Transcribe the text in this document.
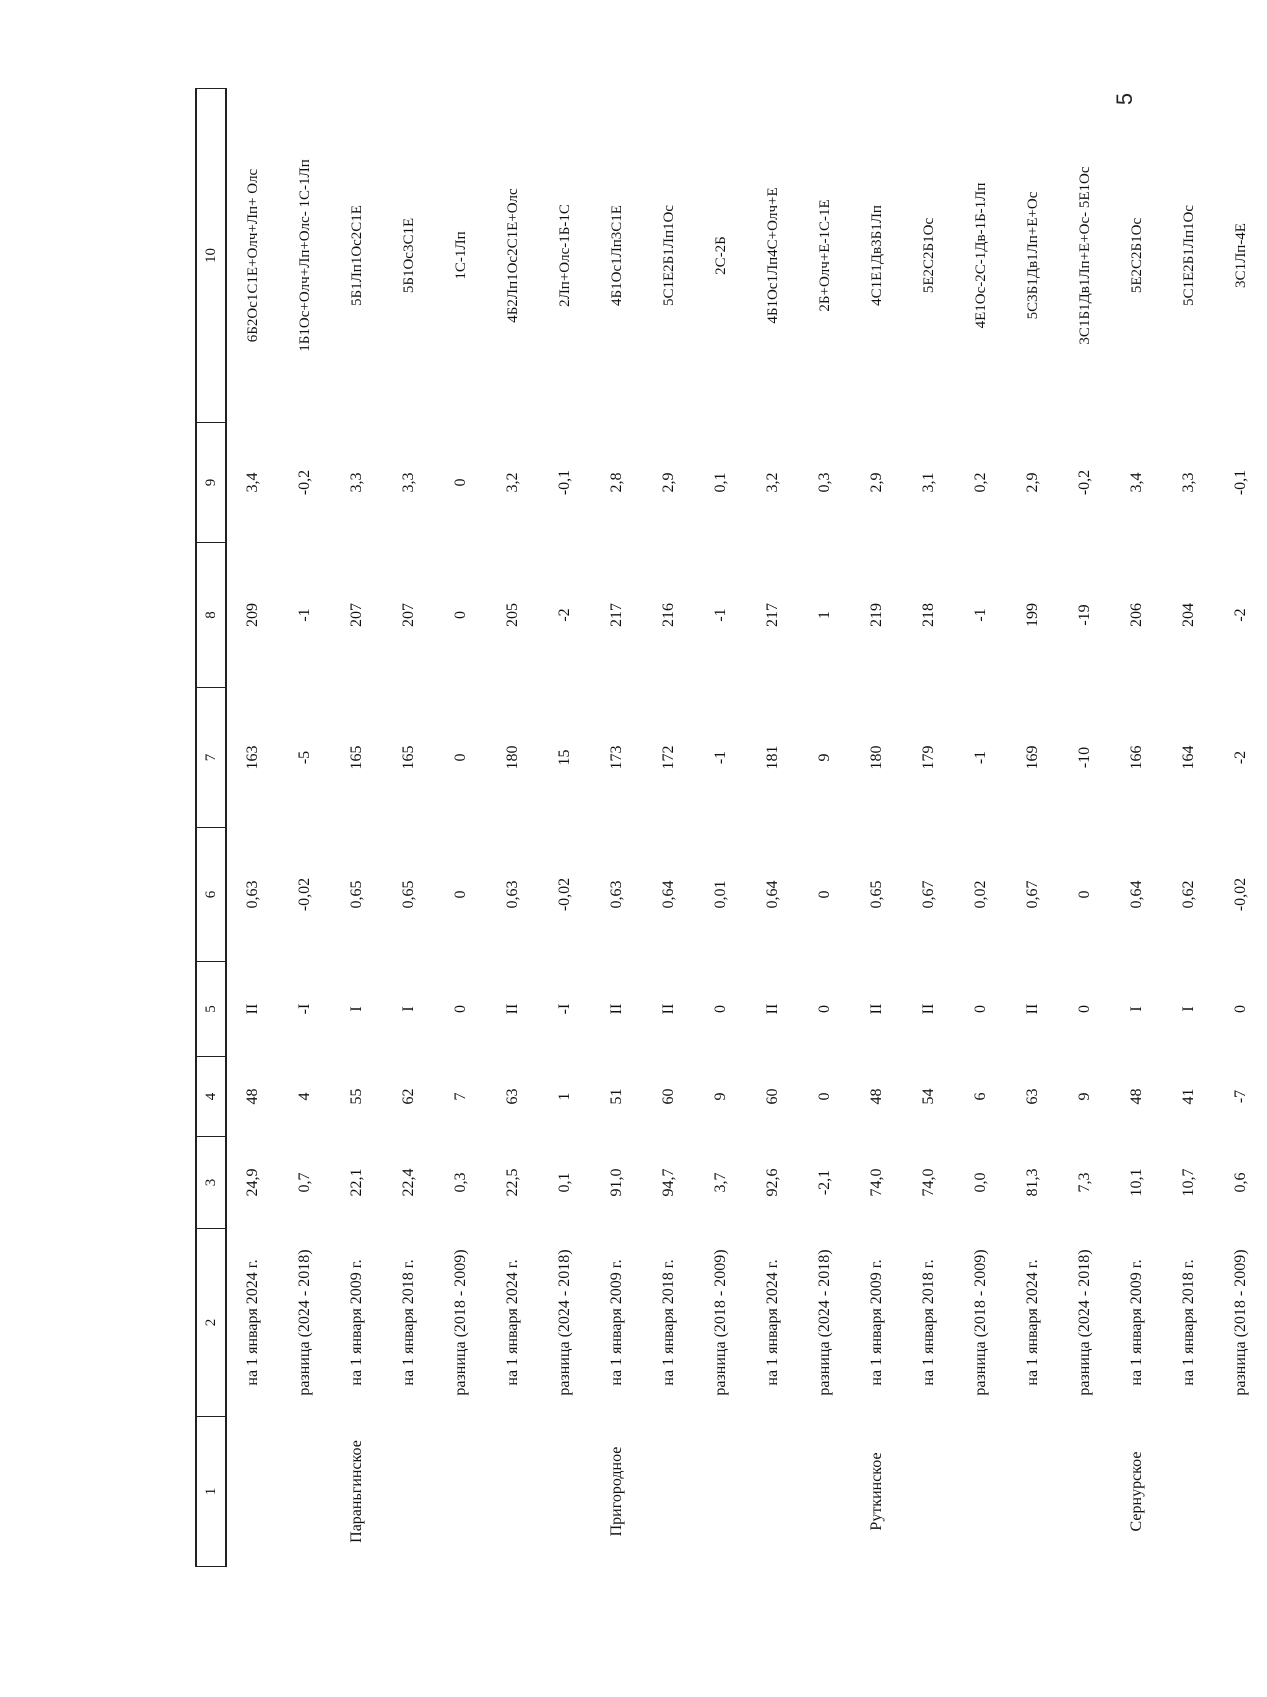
5
1	2	3	4	5	6	7	8	9	10
	на 1 января 2024 г.	24,9	48	II	0,63	163	209	3,4	6Б2Ос1С1Е+Олч+Лп+ Олс
	разница (2024 - 2018)	0,7	4	-I	-0,02	-5	-1	-0,2	1Б1Ос+Олч+Лп+Олс- 1С-1Лп
Параньгинское	на 1 января 2009 г.	22,1	55	I	0,65	165	207	3,3	5Б1Лп1Ос2С1Е
	на 1 января 2018 г.	22,4	62	I	0,65	165	207	3,3	5Б1Ос3С1Е
	разница (2018 - 2009)	0,3	7	0	0	0	0	0	1С-1Лп
	на 1 января 2024 г.	22,5	63	II	0,63	180	205	3,2	4Б2Лп1Ос2С1Е+Олс
	разница (2024 - 2018)	0,1	1	-I	-0,02	15	-2	-0,1	2Лп+Олс-1Б-1С
Пригородное	на 1 января 2009 г.	91,0	51	II	0,63	173	217	2,8	4Б1Ос1Лп3С1Е
	на 1 января 2018 г.	94,7	60	II	0,64	172	216	2,9	5С1Е2Б1Лп1Ос
	разница (2018 - 2009)	3,7	9	0	0,01	-1	-1	0,1	2С-2Б
	на 1 января 2024 г.	92,6	60	II	0,64	181	217	3,2	4Б1Ос1Лп4С+Олч+Е
	разница (2024 - 2018)	-2,1	0	0	0	9	1	0,3	2Б+Олч+Е-1С-1Е
Руткинское	на 1 января 2009 г.	74,0	48	II	0,65	180	219	2,9	4С1Е1Дв3Б1Лп
	на 1 января 2018 г.	74,0	54	II	0,67	179	218	3,1	5Е2С2Б1Ос
	разница (2018 - 2009)	0,0	6	0	0,02	-1	-1	0,2	4Е1Ос-2С-1Дв-1Б-1Лп
	на 1 января 2024 г.	81,3	63	II	0,67	169	199	2,9	5С3Б1Дв1Лп+Е+Ос
	разница (2024 - 2018)	7,3	9	0	0	-10	-19	-0,2	3С1Б1Дв1Лп+Е+Ос- 5Е1Ос
Сернурское	на 1 января 2009 г.	10,1	48	I	0,64	166	206	3,4	5Е2С2Б1Ос
	на 1 января 2018 г.	10,7	41	I	0,62	164	204	3,3	5С1Е2Б1Лп1Ос
	разница (2018 - 2009)	0,6	-7	0	-0,02	-2	-2	-0,1	3С1Лп-4Е
